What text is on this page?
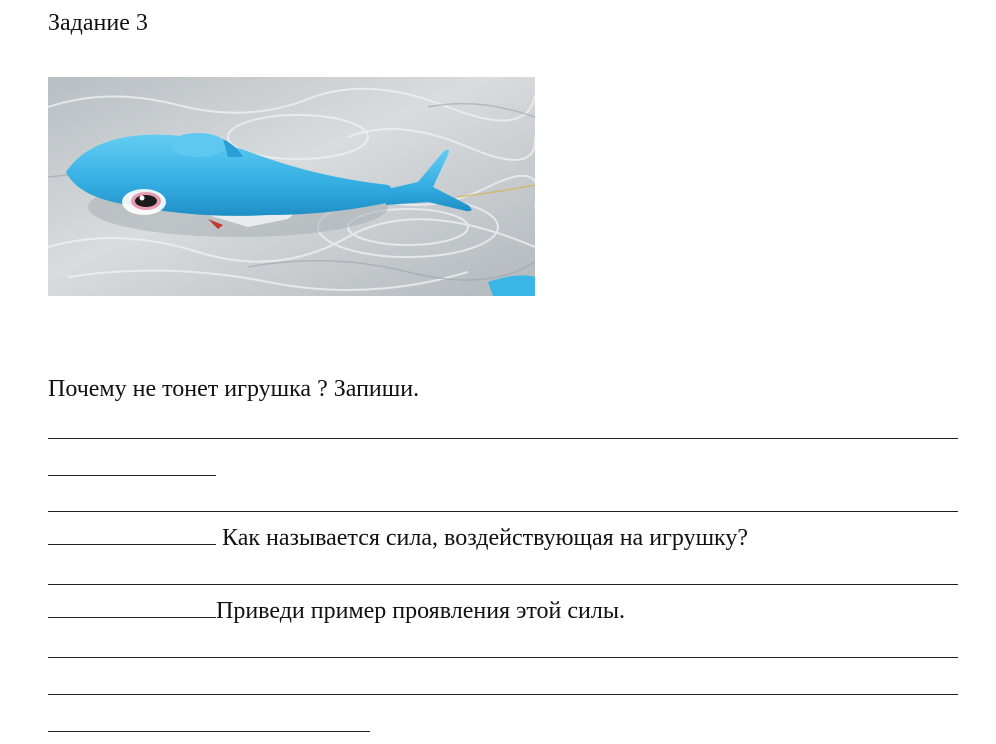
Задание 3
Почему не тонет игрушка ? Запиши.
Как называется сила, воздействующая на игрушку?
Приведи пример проявления этой силы.
